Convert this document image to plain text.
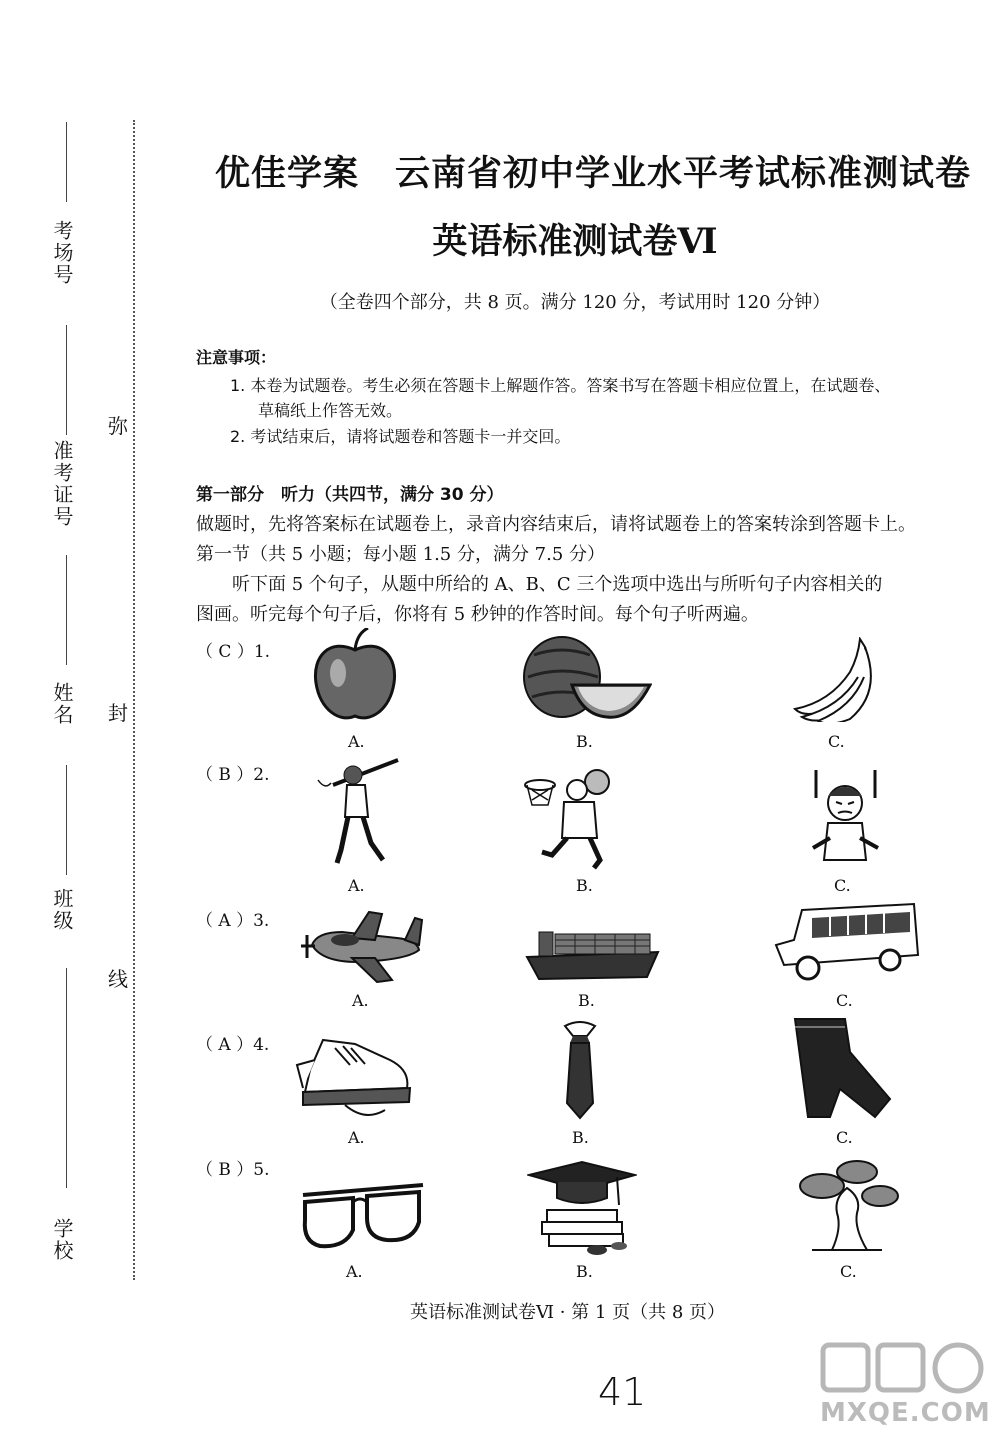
考场号
准考证号
姓名
班级
学校
弥
封
线
优佳学案　云南省初中学业水平考试标准测试卷
英语标准测试卷Ⅵ
（全卷四个部分，共 8 页。满分 120 分，考试用时 120 分钟）
注意事项：
1. 本卷为试题卷。考生必须在答题卡上解题作答。答案书写在答题卡相应位置上，在试题卷、
草稿纸上作答无效。
2. 考试结束后，请将试题卷和答题卡一并交回。
第一部分　听力（共四节，满分 30 分）
做题时，先将答案标在试题卷上，录音内容结束后，请将试题卷上的答案转涂到答题卡上。
第一节（共 5 小题；每小题 1.5 分，满分 7.5 分）
　　听下面 5 个句子，从题中所给的 A、B、C 三个选项中选出与所听句子内容相关的
图画。听完每个句子后，你将有 5 秒钟的作答时间。每个句子听两遍。
（ C ）1.
A.	B.	C.
（ B ）2.
A.	B.	C.
（ A ）3.
A.	B.	C.
（ A ）4.
A.	B.	C.
（ B ）5.
A.	B.	C.
英语标准测试卷Ⅵ · 第 1 页（共 8 页）
41	MXQE.COM
